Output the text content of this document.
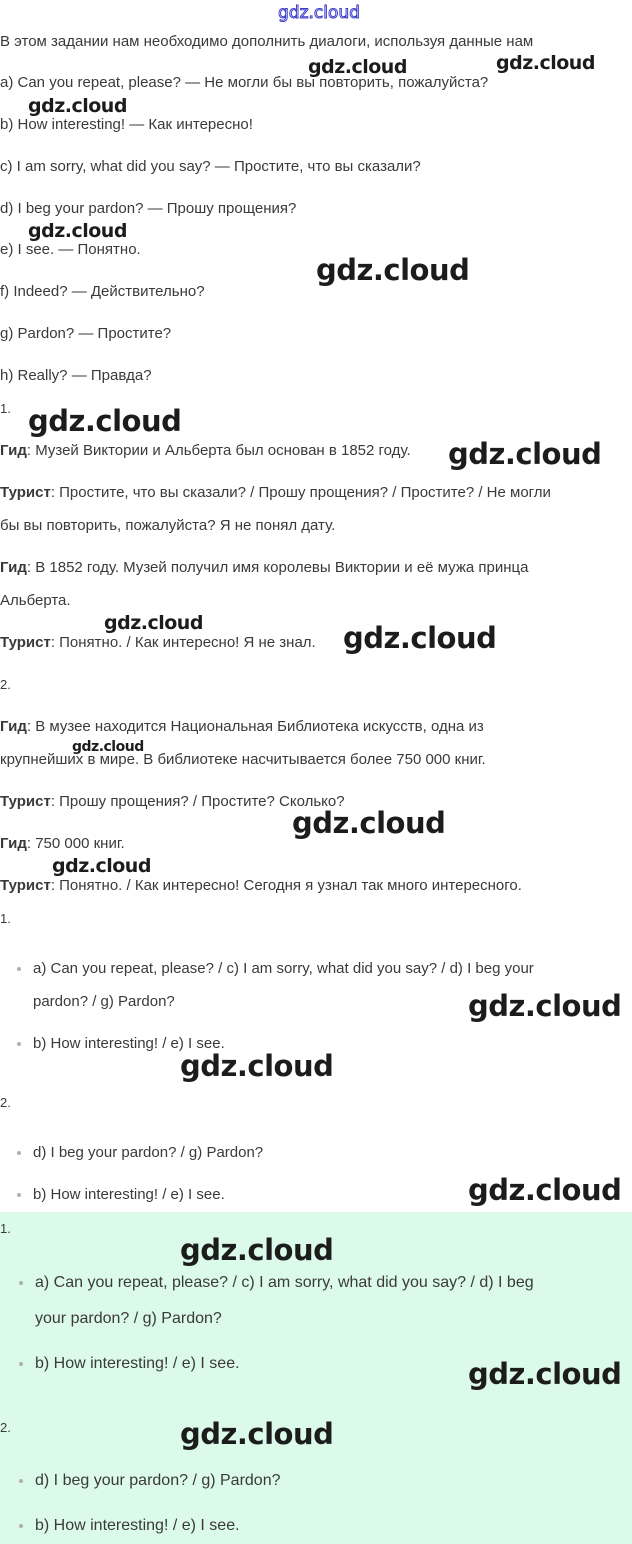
gdz.cloud
В этом задании нам необходимо дополнить диалоги, используя данные нам
a) Can you repeat, please? — Не могли бы вы повторить, пожалуйста?
b) How interesting! — Как интересно!
c) I am sorry, what did you say? — Простите, что вы сказали?
d) I beg your pardon? — Прошу прощения?
e) I see. — Понятно.
f) Indeed? — Действительно?
g) Pardon? — Простите?
h) Really? — Правда?
1.
Гид: Музей Виктории и Альберта был основан в 1852 году.
Турист: Простите, что вы сказали? / Прошу прощения? / Простите? / Не могли
бы вы повторить, пожалуйста? Я не понял дату.
Гид: В 1852 году. Музей получил имя королевы Виктории и её мужа принца
Альберта.
Турист: Понятно. / Как интересно! Я не знал.
2.
Гид: В музее находится Национальная Библиотека искусств, одна из
крупнейших в мире. В библиотеке насчитывается более 750 000 книг.
Турист: Прошу прощения? / Простите? Сколько?
Гид: 750 000 книг.
Турист: Понятно. / Как интересно! Сегодня я узнал так много интересного.
1.
a) Can you repeat, please? / c) I am sorry, what did you say? / d) I beg your
pardon? / g) Pardon?
b) How interesting! / e) I see.
2.
d) I beg your pardon? / g) Pardon?
b) How interesting! / e) I see.
1.
a) Can you repeat, please? / c) I am sorry, what did you say? / d) I beg
your pardon? / g) Pardon?
b) How interesting! / e) I see.
2.
d) I beg your pardon? / g) Pardon?
b) How interesting! / e) I see.
gdz.cloud	gdz.cloud
gdz.cloud
gdz.cloud
gdz.cloud
gdz.cloud
gdz.cloud
gdz.cloud	gdz.cloud
gdz.cloud
gdz.cloud
gdz.cloud
gdz.cloud
gdz.cloud
gdz.cloud
gdz.cloud
gdz.cloud
gdz.cloud
